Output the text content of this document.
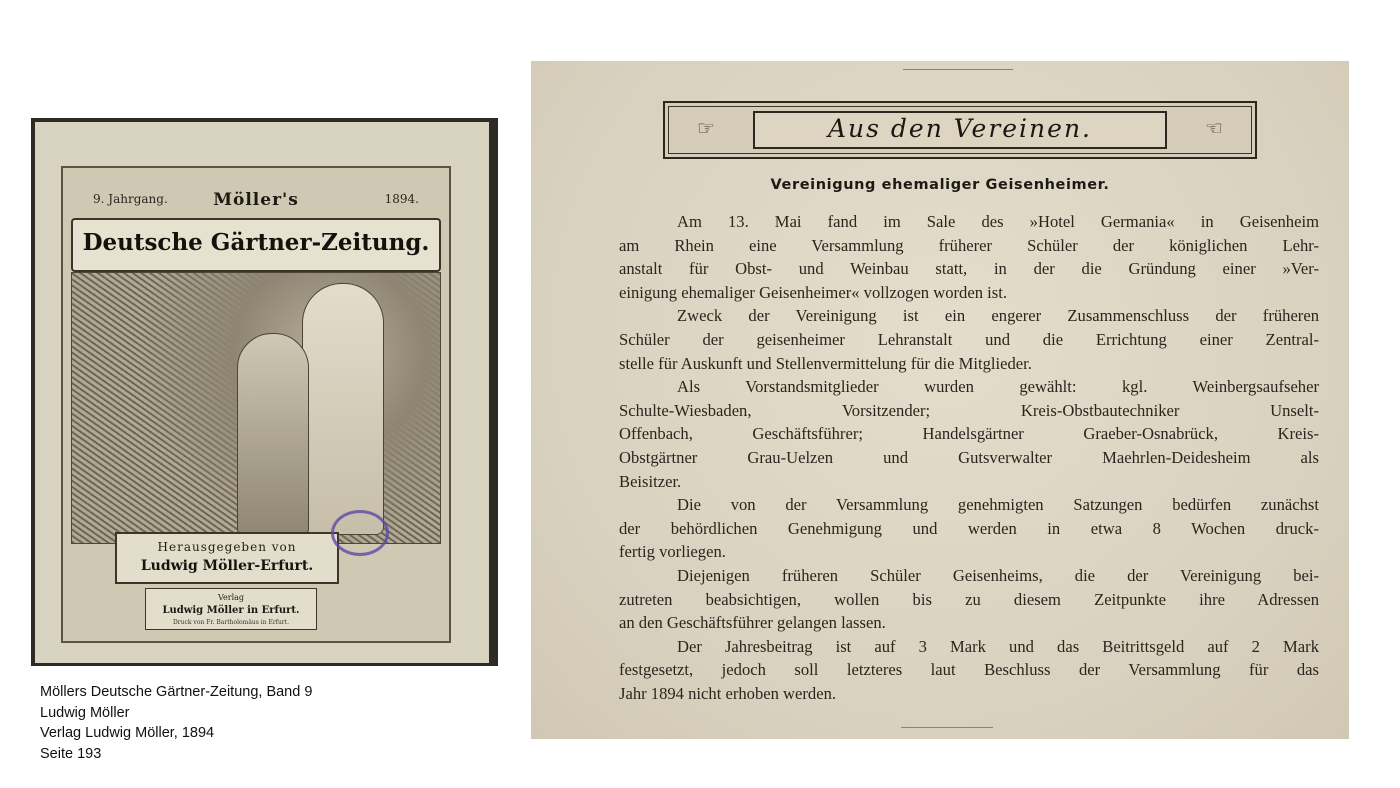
9. Jahrgang.	1894.
Möller's
Deutsche Gärtner-Zeitung.
Herausgegeben von
Ludwig Möller-Erfurt.
Verlag
Ludwig Möller in Erfurt.
Druck von Fr. Bartholomäus in Erfurt.
Möllers Deutsche Gärtner-Zeitung, Band 9
Ludwig Möller
Verlag Ludwig Möller, 1894
Seite 193
☞	Aus den Vereinen.	☜
Vereinigung ehemaliger Geisenheimer.
Am 13. Mai fand im Sale des »Hotel Germania« in Geisenheim
am Rhein eine Versammlung früherer Schüler der königlichen Lehr-
anstalt für Obst- und Weinbau statt, in der die Gründung einer »Ver-
einigung ehemaliger Geisenheimer« vollzogen worden ist.
Zweck der Vereinigung ist ein engerer Zusammenschluss der früheren
Schüler der geisenheimer Lehranstalt und die Errichtung einer Zentral-
stelle für Auskunft und Stellenvermittelung für die Mitglieder.
Als Vorstandsmitglieder wurden gewählt: kgl. Weinbergsaufseher
Schulte-Wiesbaden, Vorsitzender; Kreis-Obstbautechniker Unselt-
Offenbach, Geschäftsführer; Handelsgärtner Graeber-Osnabrück, Kreis-
Obstgärtner Grau-Uelzen und Gutsverwalter Maehrlen-Deidesheim als
Beisitzer.
Die von der Versammlung genehmigten Satzungen bedürfen zunächst
der behördlichen Genehmigung und werden in etwa 8 Wochen druck-
fertig vorliegen.
Diejenigen früheren Schüler Geisenheims, die der Vereinigung bei-
zutreten beabsichtigen, wollen bis zu diesem Zeitpunkte ihre Adressen
an den Geschäftsführer gelangen lassen.
Der Jahresbeitrag ist auf 3 Mark und das Beitrittsgeld auf 2 Mark
festgesetzt, jedoch soll letzteres laut Beschluss der Versammlung für das
Jahr 1894 nicht erhoben werden.
